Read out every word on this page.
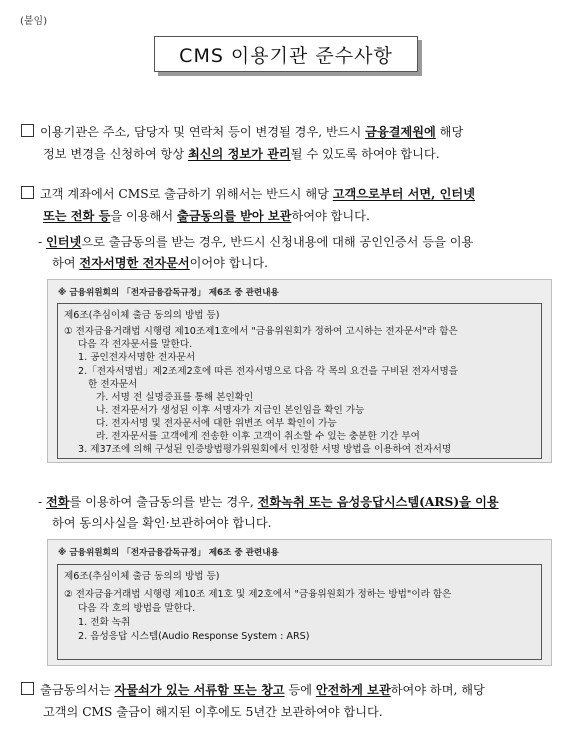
(붙임)
CMS 이용기관 준수사항
이용기관은 주소, 담당자 및 연락처 등이 변경될 경우, 반드시 금융결제원에 해당
정보 변경을 신청하여 항상 최신의 정보가 관리될 수 있도록 하여야 합니다.
고객 계좌에서 CMS로 출금하기 위해서는 반드시 해당 고객으로부터 서면, 인터넷
또는 전화 등을 이용해서 출금동의를 받아 보관하여야 합니다.
- 인터넷으로 출금동의를 받는 경우, 반드시 신청내용에 대해 공인인증서 등을 이용
하여 전자서명한 전자문서이어야 합니다.
※ 금융위원회의 「전자금융감독규정」 제6조 중 관련내용
제6조(추심이체 출금 동의의 방법 등)
① 전자금융거래법 시행령 제10조제1호에서 "금융위원회가 정하여 고시하는 전자문서"라 함은
다음 각 전자문서를 말한다.
1. 공인전자서명한 전자문서
2.「전자서명법」제2조제2호에 따른 전자서명으로 다음 각 목의 요건을 구비된 전자서명을
한 전자문서
가. 서명 전 실명증표를 통해 본인확인
나. 전자문서가 생성된 이후 서명자가 지급인 본인임을 확인 가능
다. 전자서명 및 전자문서에 대한 위변조 여부 확인이 가능
라. 전자문서를 고객에게 전송한 이후 고객이 취소할 수 있는 충분한 기간 부여
3. 제37조에 의해 구성된 인증방법평가위원회에서 인정한 서명 방법을 이용하여 전자서명
- 전화를 이용하여 출금동의를 받는 경우, 전화녹취 또는 음성응답시스템(ARS)을 이용
하여 동의사실을 확인·보관하여야 합니다.
※ 금융위원회의 「전자금융감독규정」 제6조 중 관련내용
제6조(추심이체 출금 동의의 방법 등)
② 전자금융거래법 시행령 제10조 제1호 및 제2호에서 "금융위원회가 정하는 방법"이라 함은
다음 각 호의 방법을 말한다.
1. 전화 녹취
2. 음성응답 시스템(Audio Response System : ARS)
출금동의서는 자물쇠가 있는 서류함 또는 창고 등에 안전하게 보관하여야 하며, 해당
고객의 CMS 출금이 해지된 이후에도 5년간 보관하여야 합니다.
